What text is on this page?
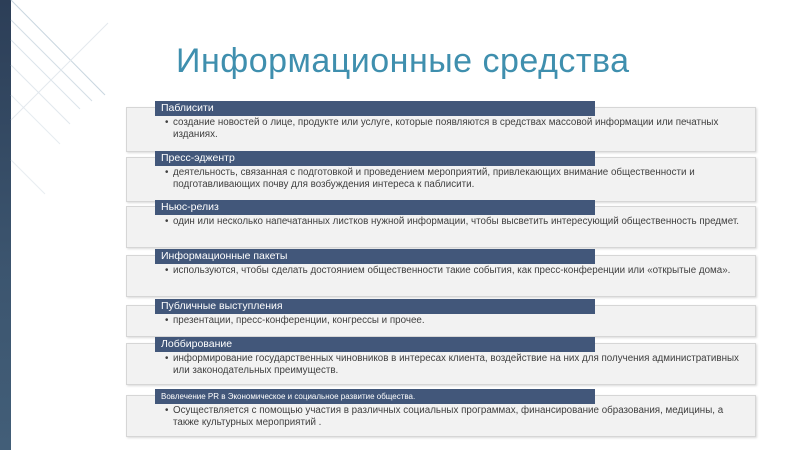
Информационные средства
• создание новостей о лице, продукте или услуге, которые появляются в средствах массовой информации или печатных изданиях.
Паблисити
• деятельность, связанная с подготовкой и проведением мероприятий, привлекающих внимание общественности и подготавливающих почву для возбуждения интереса к паблисити.
Пресс-эджентр
• один или несколько напечатанных листков нужной информации, чтобы высветить интересующий общественность предмет.
Ньюс-релиз
• используются, чтобы сделать достоянием общественности такие события, как пресс-конференции или «открытые дома».
Информационные пакеты
• презентации, пресс-конференции, конгрессы и прочее.
Публичные выступления
• информирование государственных чиновников в интересах клиента, воздействие на них для получения административных или законодательных преимуществ.
Лоббирование
• Осуществляется с помощью участия в различных социальных программах, финансирование образования, медицины, а также культурных мероприятий .
Вовлечение PR в Экономическое и социальное развитие общества.
